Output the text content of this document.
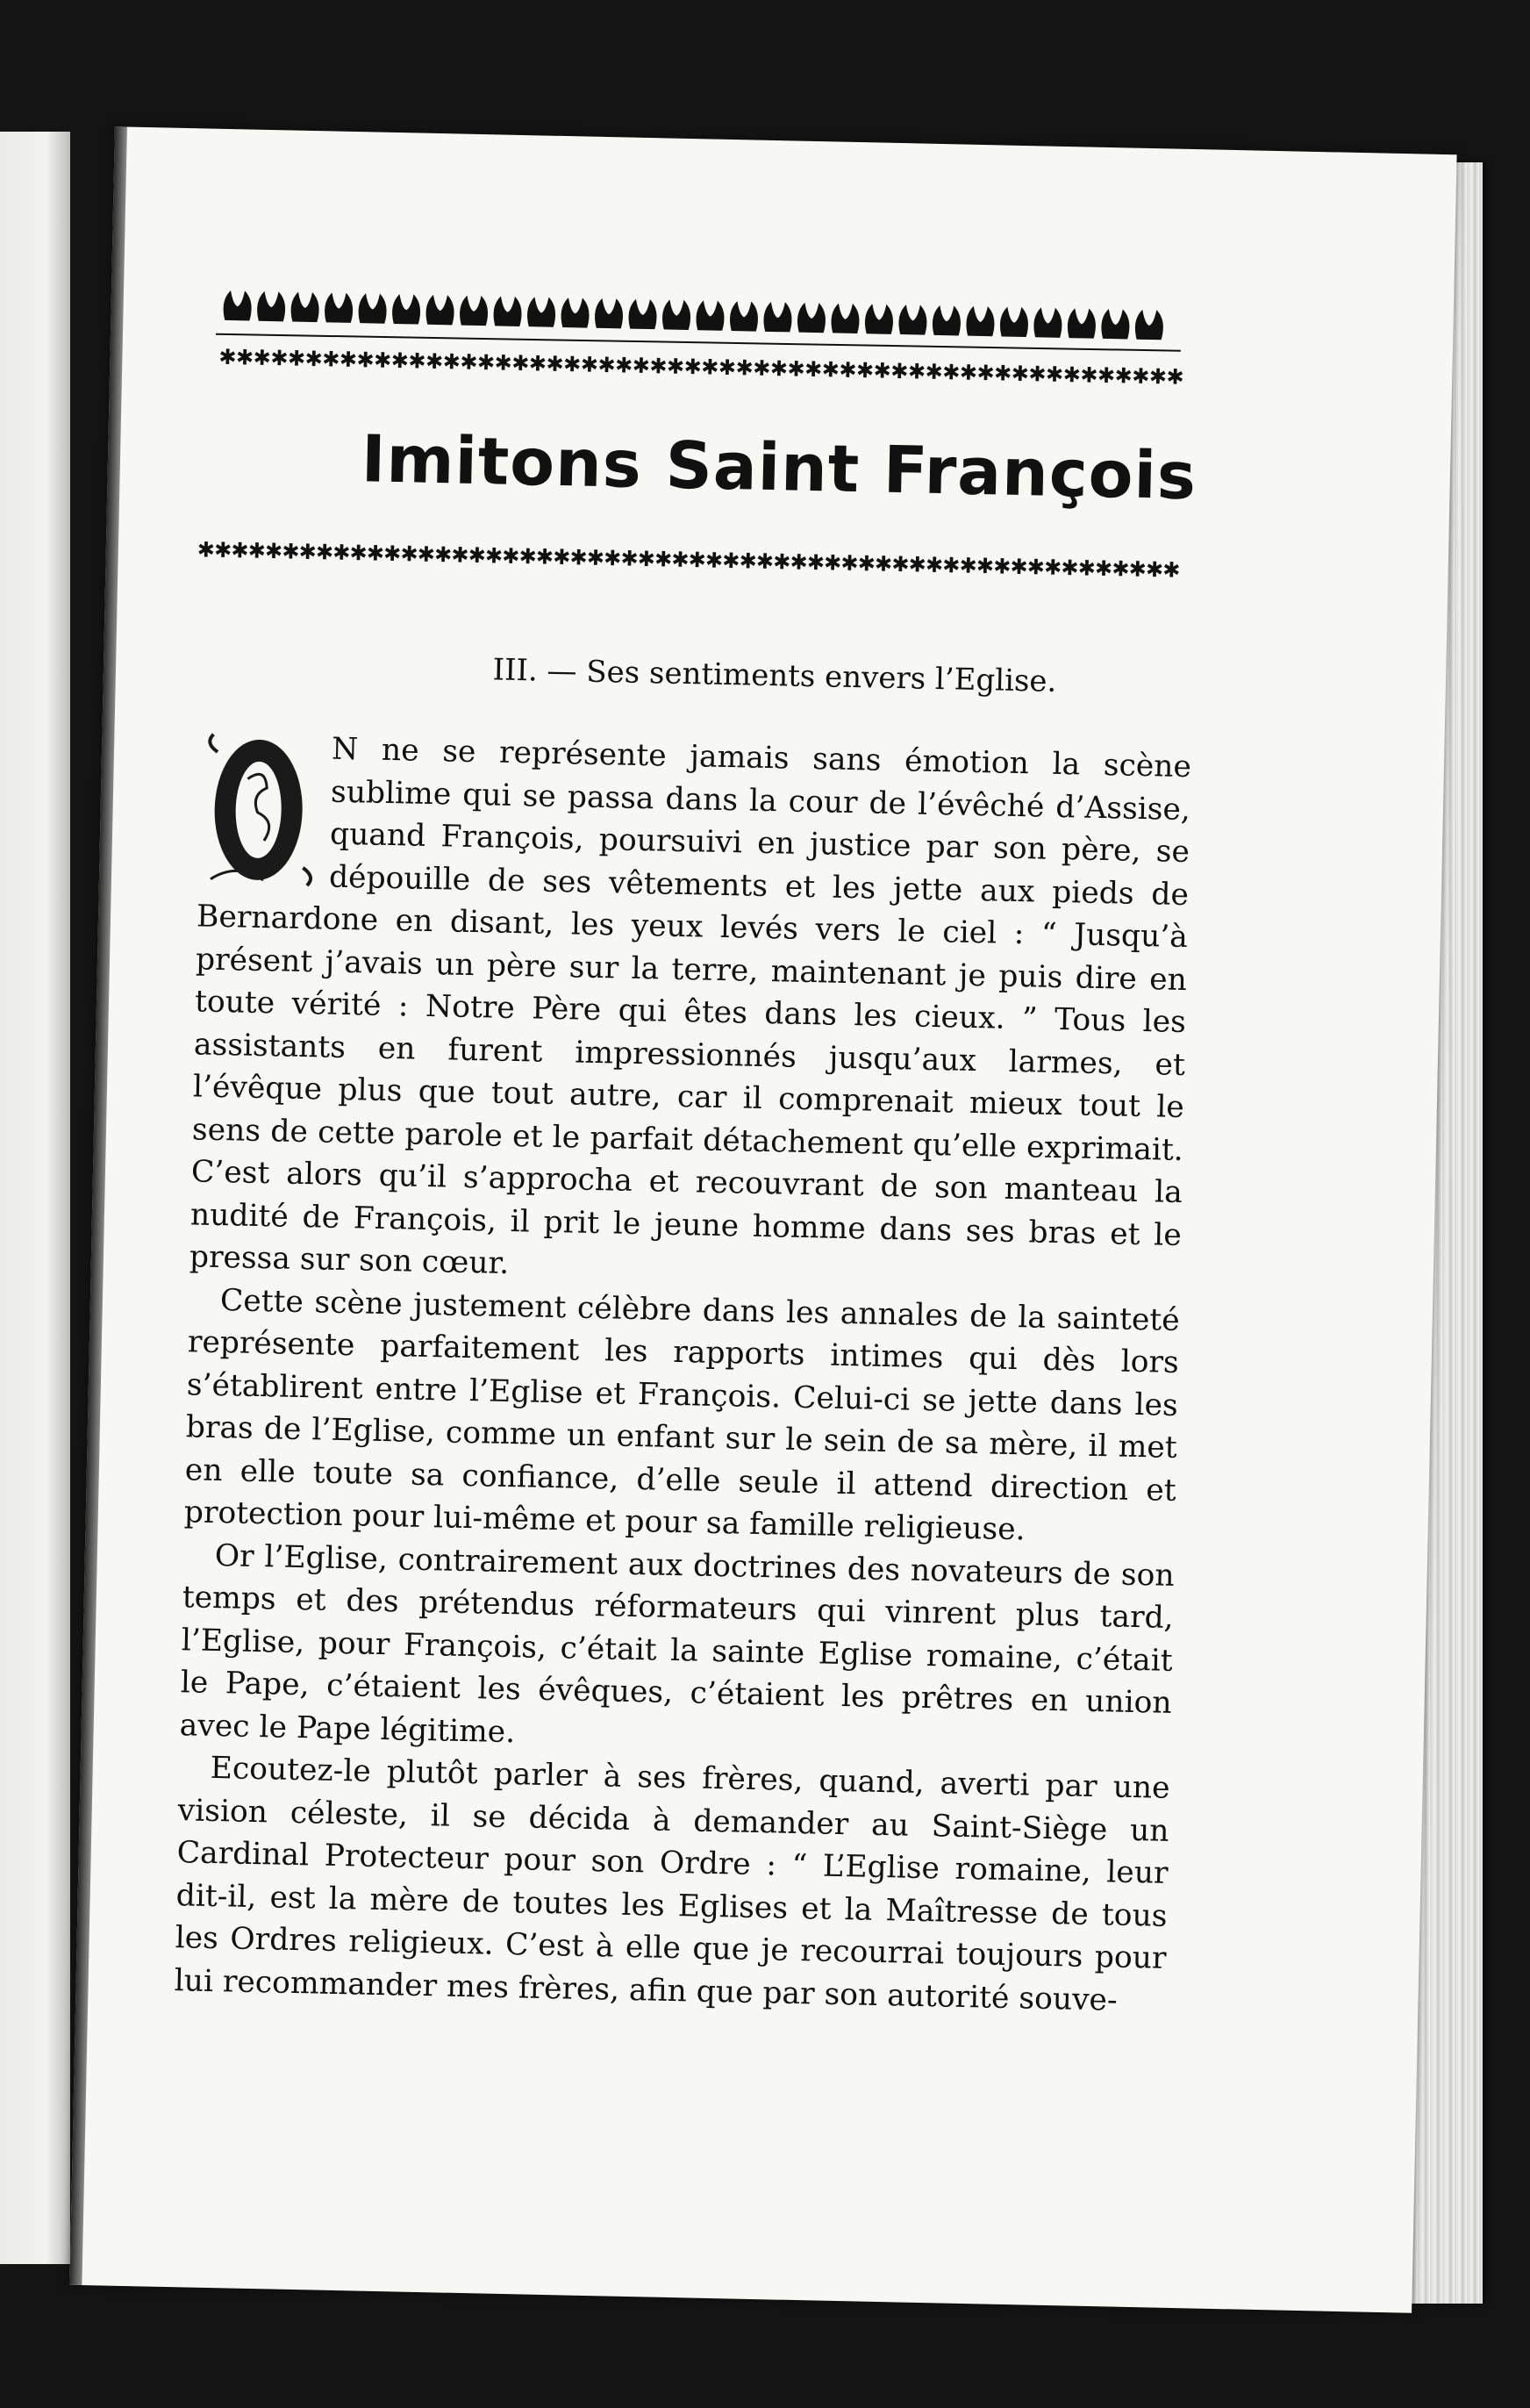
✱
✱
✱
✱
✱
✱
✱
✱
✱
✱
✱
✱
✱
✱
✱
✱
✱
✱
✱
✱
✱
✱
✱
✱
✱
✱
✱
✱
✱
✱
✱
✱
✱
✱
✱
✱
✱
✱
✱
✱
✱
✱
✱
✱
✱
✱
✱
✱
✱
✱
✱
✱
✱
✱
✱
✱
Imitons Saint François
✱
✱
✱
✱
✱
✱
✱
✱
✱
✱
✱
✱
✱
✱
✱
✱
✱
✱
✱
✱
✱
✱
✱
✱
✱
✱
✱
✱
✱
✱
✱
✱
✱
✱
✱
✱
✱
✱
✱
✱
✱
✱
✱
✱
✱
✱
✱
✱
✱
✱
✱
✱
✱
✱
✱
✱
✱
✱
III. — Ses sentiments envers l’Eglise.

N ne se représente jamais sans émotion la scène sublime qui se passa dans la cour de l’évêché d’Assise, quand François, poursuivi en justice par son père, se dépouille de ses vêtements et les jette aux pieds de Bernardone en disant, les yeux levés vers le ciel : “ Jusqu’à présent j’avais un père sur la terre, maintenant je puis dire en toute vérité : Notre Père qui êtes dans les cieux. ” Tous les assistants en furent impressionnés jusqu’aux larmes, et l’évêque plus que tout autre, car il comprenait mieux tout le sens de cette parole et le parfait détachement qu’elle exprimait. C’est alors qu’il s’approcha et recouvrant de son manteau la nudité de François, il prit le jeune homme dans ses bras et le pressa sur son cœur.

Cette scène justement célèbre dans les annales de la sainteté représente parfaitement les rapports intimes qui dès lors s’établirent entre l’Eglise et François. Celui-ci se jette dans les bras de l’Eglise, comme un enfant sur le sein de sa mère, il met en elle toute sa confiance, d’elle seule il attend direction et protection pour lui-même et pour sa famille religieuse.

Or l’Eglise, contrairement aux doctrines des novateurs de son temps et des prétendus réformateurs qui vinrent plus tard, l’Eglise, pour François, c’était la sainte Eglise romaine, c’était le Pape, c’étaient les évêques, c’étaient les prêtres en union avec le Pape légitime.

Ecoutez-le plutôt parler à ses frères, quand, averti par une vision céleste, il se décida à demander au Saint-Siège un Cardinal Protecteur pour son Ordre : “ L’Eglise romaine, leur dit-il, est la mère de toutes les Eglises et la Maîtresse de tous les Ordres religieux. C’est à elle que je recourrai toujours pour lui recommander mes frères, afin que par son autorité souve-
